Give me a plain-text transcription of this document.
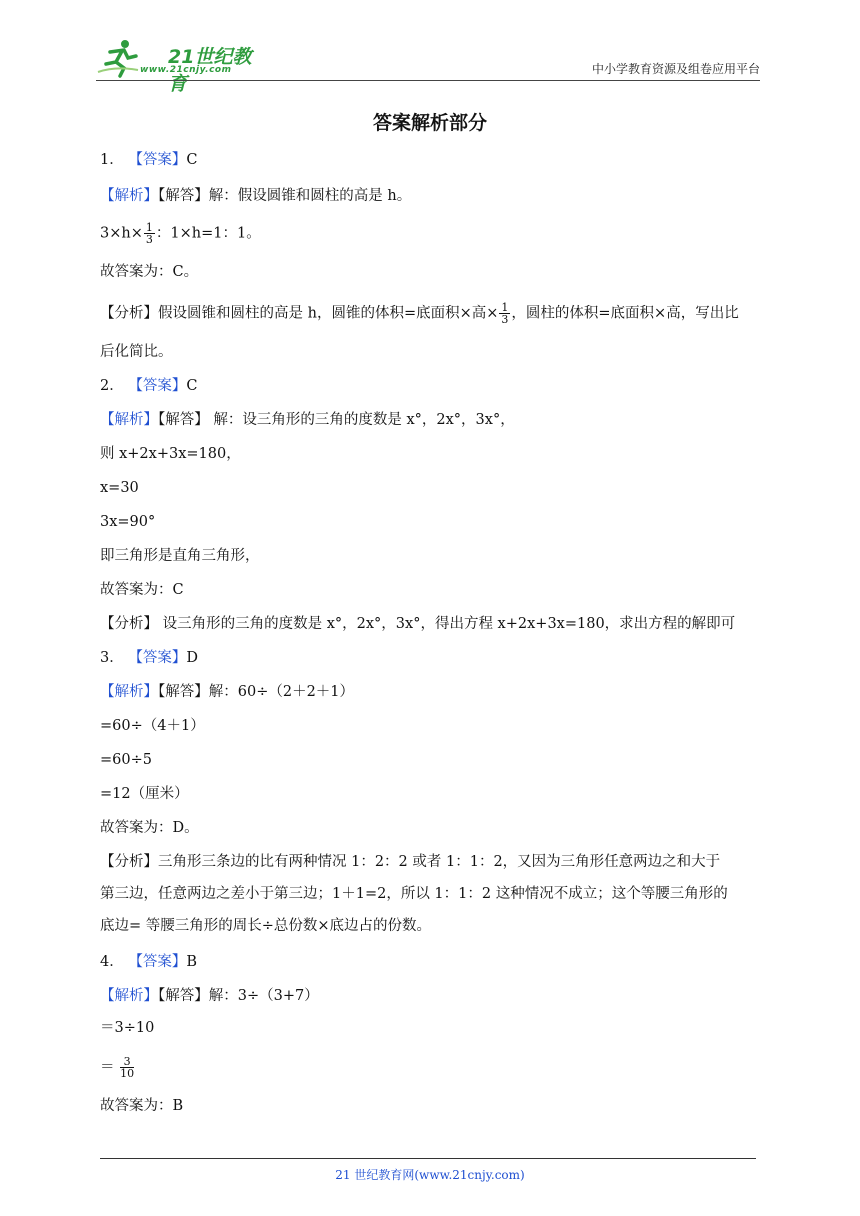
21世纪教育
www.21cnjy.com	中小学教育资源及组卷应用平台
答案解析部分
1． 【答案】C
【解析】【解答】解：假设圆锥和圆柱的高是 h。
$3\times h\times \frac{1}{3}$ ：1×h=1：1。
故答案为：C。
【分析】假设圆锥和圆柱的高是 h，圆锥的体积=底面积×高× $\frac{1}{3}$ ，圆柱的体积=底面积×高，写出比
后化简比。
2． 【答案】C
【解析】【解答】 解：设三角形的三角的度数是 x°，2x°，3x°，
则 x+2x+3x=180，
x=30
3x=90°
即三角形是直角三角形，
故答案为：C
【分析】 设三角形的三角的度数是 x°，2x°，3x°，得出方程 x+2x+3x=180，求出方程的解即可
3． 【答案】D
【解析】【解答】解：60÷（2＋2＋1）
=60÷（4＋1）
=60÷5
=12（厘米）
故答案为：D。
【分析】三角形三条边的比有两种情况 1：2：2 或者 1：1：2，又因为三角形任意两边之和大于
第三边，任意两边之差小于第三边；1＋1=2，所以 1：1：2 这种情况不成立；这个等腰三角形的
底边= 等腰三角形的周长÷总份数×底边占的份数。
4． 【答案】B
【解析】【解答】解：3÷（3+7）
＝3÷10
＝ $\frac{3}{10}$
故答案为：B
21 世纪教育网(www.21cnjy.com)
